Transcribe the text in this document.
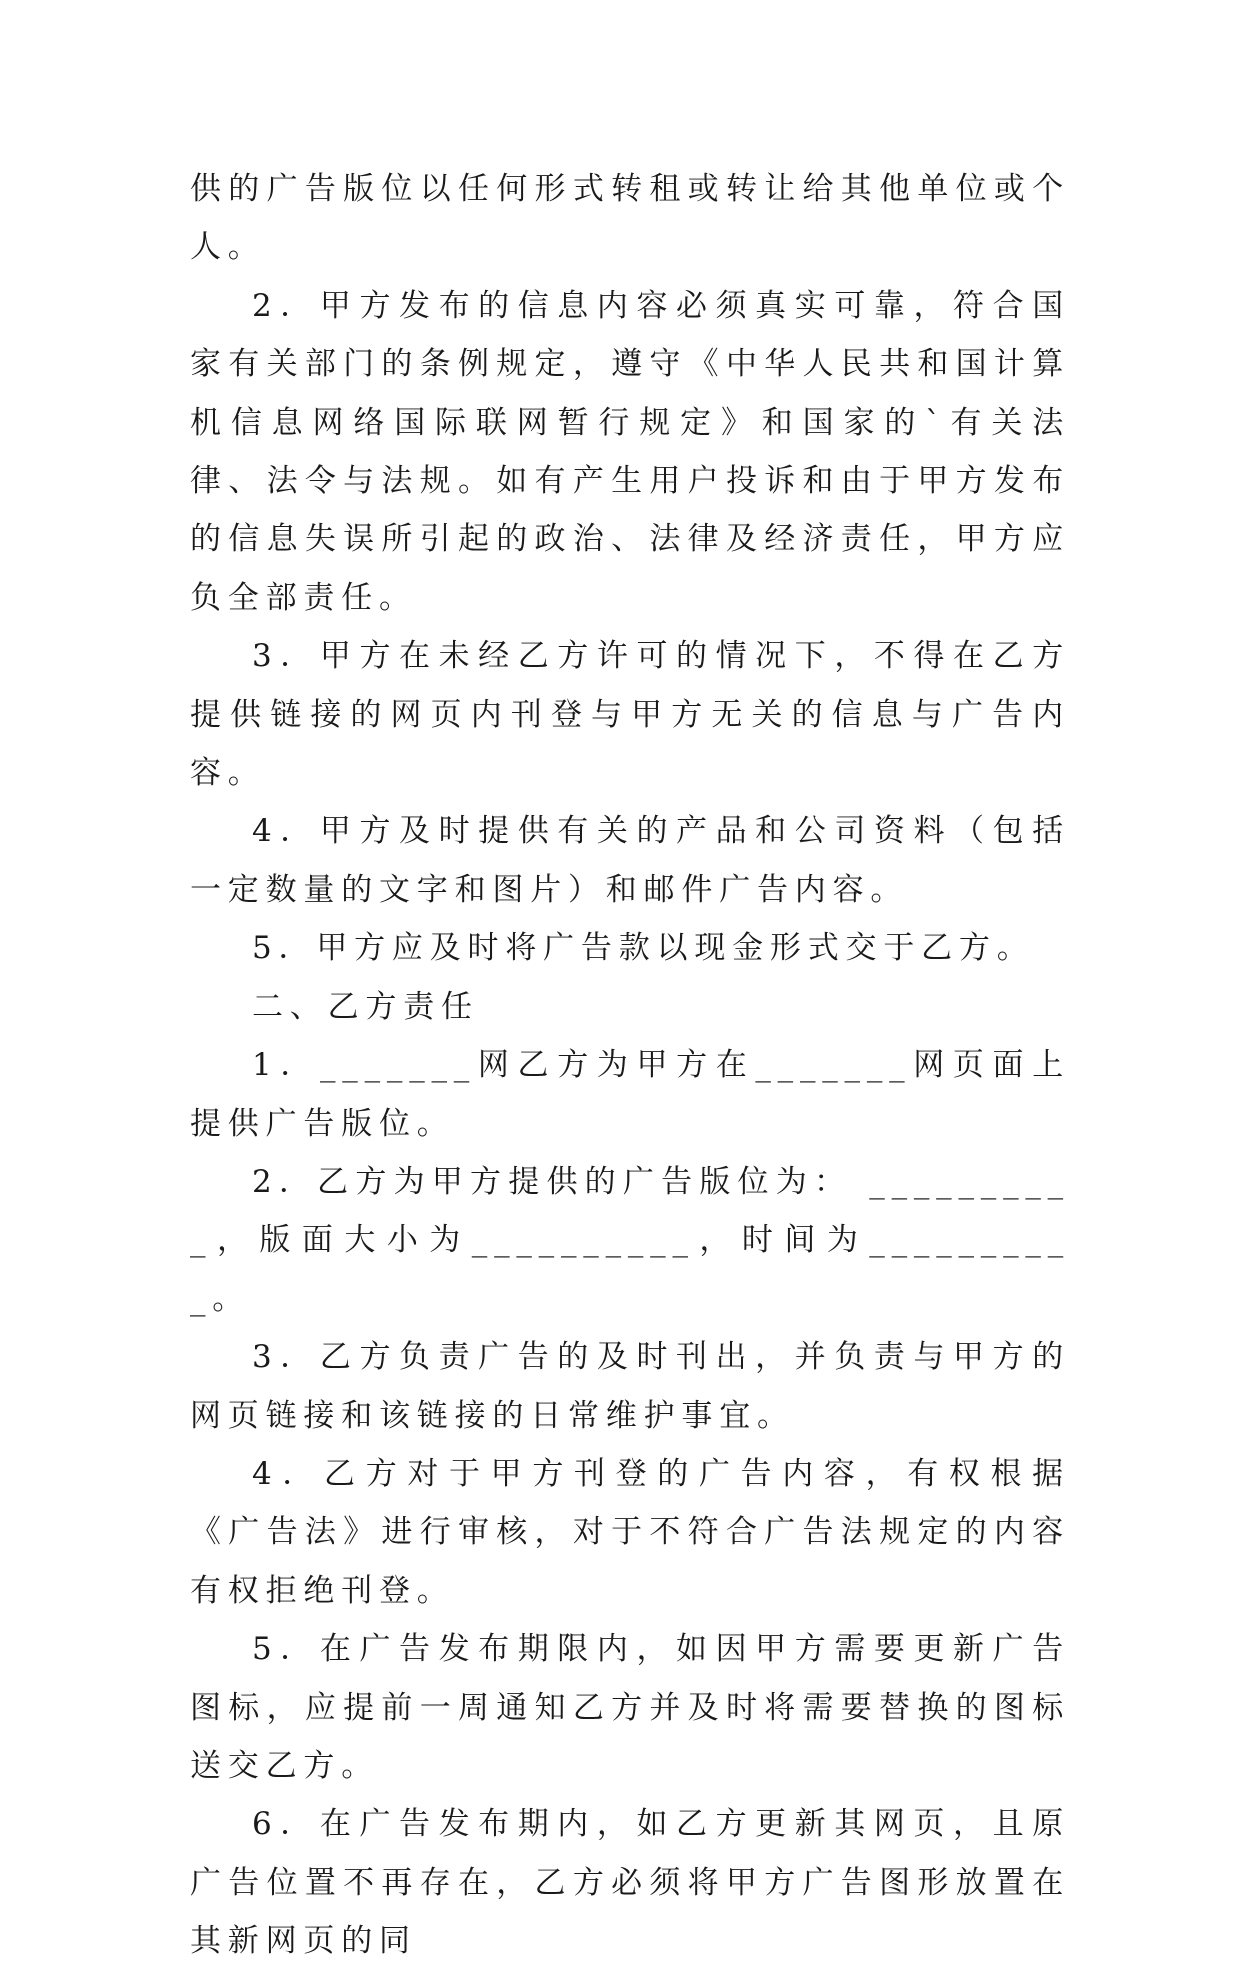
供的广告版位以任何形式转租或转让给其他单位或个人。

2．甲方发布的信息内容必须真实可靠，符合国家有关部门的条例规定，遵守《中华人民共和国计算机信息网络国际联网暂行规定》和国家的`有关法律、法令与法规。如有产生用户投诉和由于甲方发布的信息失误所引起的政治、法律及经济责任，甲方应负全部责任。

3．甲方在未经乙方许可的情况下，不得在乙方提供链接的网页内刊登与甲方无关的信息与广告内容。

4．甲方及时提供有关的产品和公司资料（包括一定数量的文字和图片）和邮件广告内容。

5．甲方应及时将广告款以现金形式交于乙方。

二、乙方责任

1．_______网乙方为甲方在_______网页面上提供广告版位。

2．乙方为甲方提供的广告版位为： __________，版面大小为__________，时间为__________。

3．乙方负责广告的及时刊出，并负责与甲方的网页链接和该链接的日常维护事宜。

4．乙方对于甲方刊登的广告内容，有权根据《广告法》进行审核，对于不符合广告法规定的内容有权拒绝刊登。

5．在广告发布期限内，如因甲方需要更新广告图标，应提前一周通知乙方并及时将需要替换的图标送交乙方。

6．在广告发布期内，如乙方更新其网页，且原广告位置不再存在，乙方必须将甲方广告图形放置在其新网页的同
